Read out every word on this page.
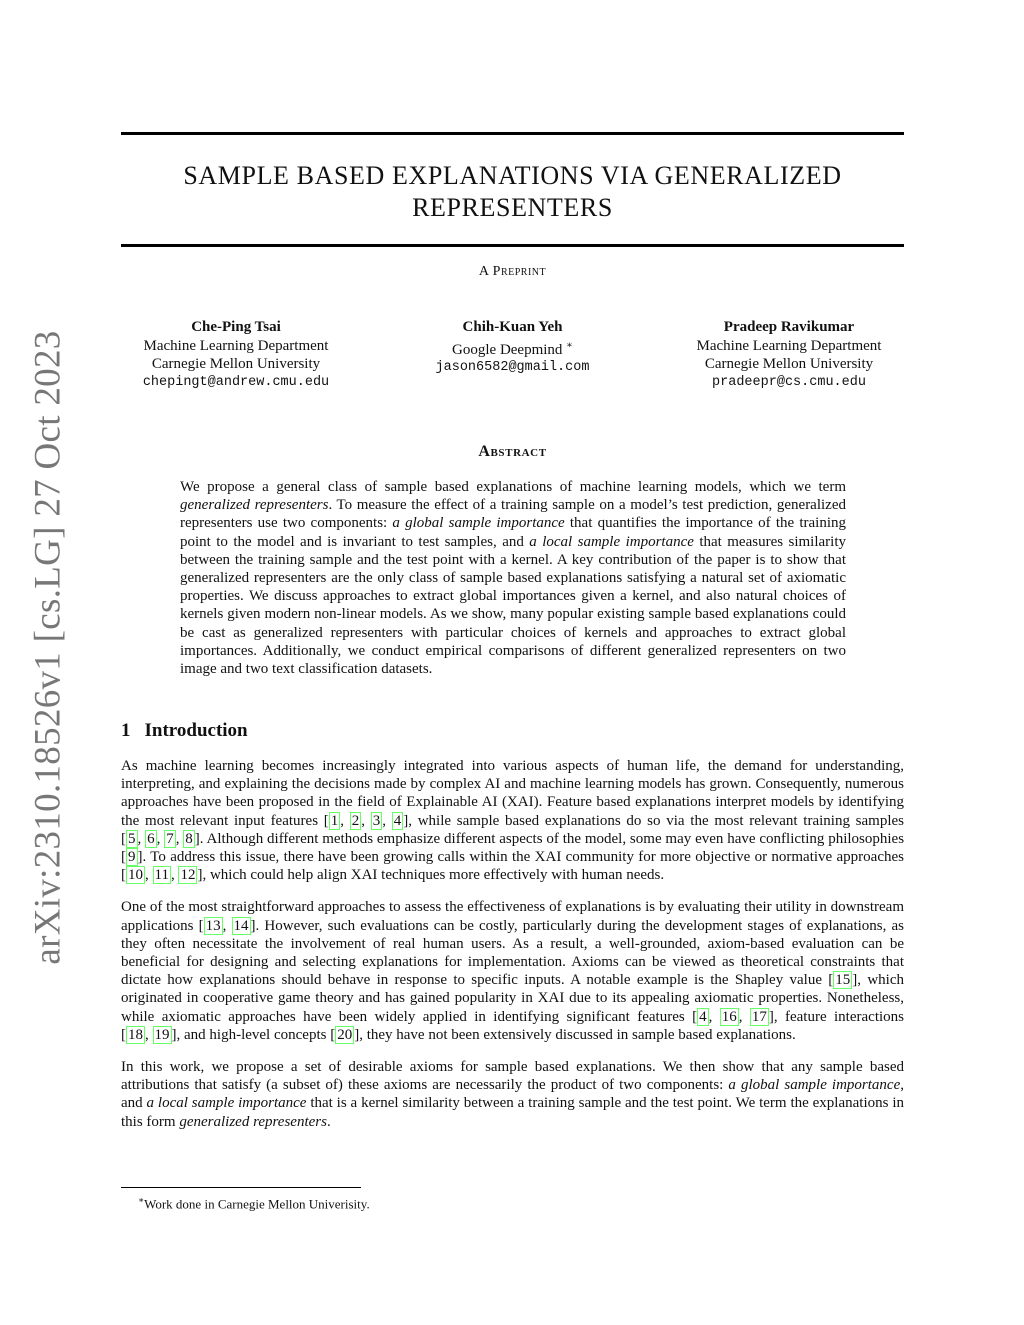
arXiv:2310.18526v1 [cs.LG] 27 Oct 2023
SAMPLE BASED EXPLANATIONS VIA GENERALIZED
REPRESENTERS
A Preprint
Che-Ping Tsai
Machine Learning Department
Carnegie Mellon University
chepingt@andrew.cmu.edu
Chih-Kuan Yeh
Google Deepmind ∗
jason6582@gmail.com
Pradeep Ravikumar
Machine Learning Department
Carnegie Mellon University
pradeepr@cs.cmu.edu
Abstract

We propose a general class of sample based explanations of machine learning models, which we term generalized representers. To measure the effect of a training sample on a model’s test prediction, generalized representers use two components: a global sample importance that quantifies the importance of the training point to the model and is invariant to test samples, and a local sample importance that measures similarity between the training sample and the test point with a kernel. A key contribution of the paper is to show that generalized representers are the only class of sample based explanations satisfying a natural set of axiomatic properties. We discuss approaches to extract global importances given a kernel, and also natural choices of kernels given modern non-linear models. As we show, many popular existing sample based explanations could be cast as generalized representers with particular choices of kernels and approaches to extract global importances. Additionally, we conduct empirical comparisons of different generalized representers on two image and two text classification datasets.

1 Introduction

As machine learning becomes increasingly integrated into various aspects of human life, the demand for understanding, interpreting, and explaining the decisions made by complex AI and machine learning models has grown. Consequently, numerous approaches have been proposed in the field of Explainable AI (XAI). Feature based explanations interpret models by identifying the most relevant input features [ 1 , 2 , 3 , 4 ], while sample based explanations do so via the most relevant training samples [ 5 , 6 , 7 , 8 ]. Although different methods emphasize different aspects of the model, some may even have conflicting philosophies [ 9 ]. To address this issue, there have been growing calls within the XAI community for more objective or normative approaches [ 10 , 11 , 12 ], which could help align XAI techniques more effectively with human needs.

One of the most straightforward approaches to assess the effectiveness of explanations is by evaluating their utility in downstream applications [ 13 , 14 ]. However, such evaluations can be costly, particularly during the development stages of explanations, as they often necessitate the involvement of real human users. As a result, a well-grounded, axiom-based evaluation can be beneficial for designing and selecting explanations for implementation. Axioms can be viewed as theoretical constraints that dictate how explanations should behave in response to specific inputs. A notable example is the Shapley value [ 15 ], which originated in cooperative game theory and has gained popularity in XAI due to its appealing axiomatic properties. Nonetheless, while axiomatic approaches have been widely applied in identifying significant features [ 4 , 16 , 17 ], feature interactions [ 18 , 19 ], and high-level concepts [ 20 ], they have not been extensively discussed in sample based explanations.

In this work, we propose a set of desirable axioms for sample based explanations. We then show that any sample based attributions that satisfy (a subset of) these axioms are necessarily the product of two components: a global sample importance, and a local sample importance that is a kernel similarity between a training sample and the test point. We term the explanations in this form generalized representers.

∗Work done in Carnegie Mellon Univerisity.
